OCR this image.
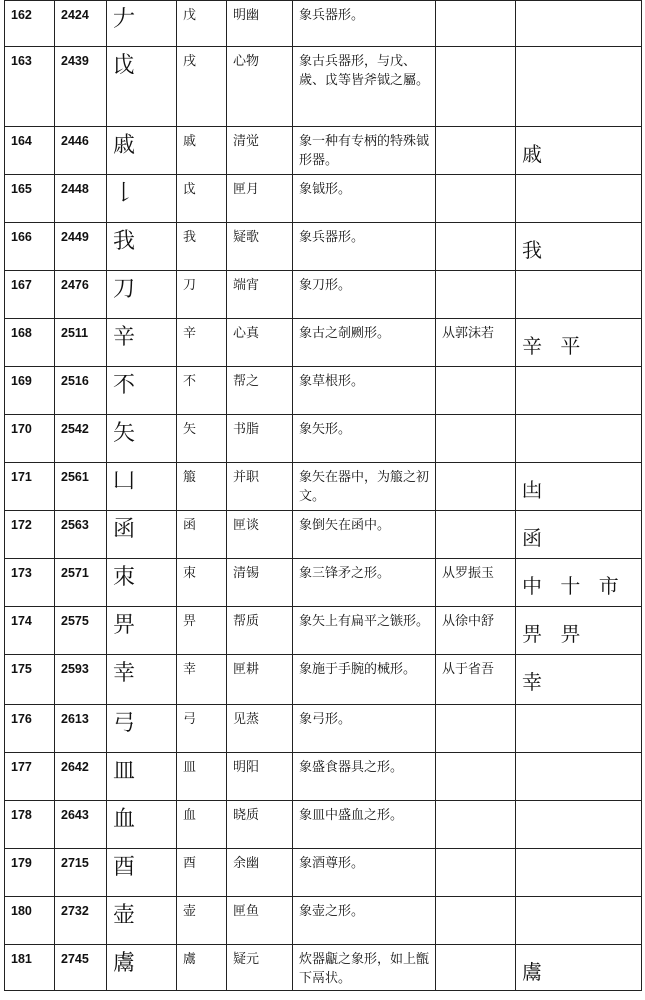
162	2424	𠂇	戊	明幽	象兵器形。		
163	2439	戉	戌	心物	象古兵器形，与戊、歲、戉等皆斧钺之屬。		
164	2446	戚	戚	清觉	象一种有专柄的特殊钺形器。		戚
165	2448	𠄌	戉	匣月	象钺形。		
166	2449	我	我	疑歌	象兵器形。		我
167	2476	刀	刀	端宵	象刀形。		
168	2511	辛	辛	心真	象古之剞劂形。	从郭沫若	辛 平
169	2516	不	不	帮之	象草根形。		
170	2542	矢	矢	书脂	象矢形。		
171	2561	凵	箙	并职	象矢在器中，为箙之初文。		凷
172	2563	函	函	匣谈	象倒矢在函中。		函
173	2571	朿	朿	清锡	象三锋矛之形。	从罗振玉	中 十 市
174	2575	畀	畀	帮质	象矢上有扁平之镞形。	从徐中舒	畀 畀
175	2593	幸	幸	匣耕	象施于手腕的械形。	从于省吾	幸
176	2613	弓	弓	见蒸	象弓形。		
177	2642	皿	皿	明阳	象盛食器具之形。		
178	2643	血	血	晓质	象皿中盛血之形。		
179	2715	酉	酉	余幽	象酒尊形。		
180	2732	壶	壶	匣鱼	象壶之形。		
181	2745	鬳	鬳	疑元	炊器甗之象形，如上甑下鬲状。		鬳
